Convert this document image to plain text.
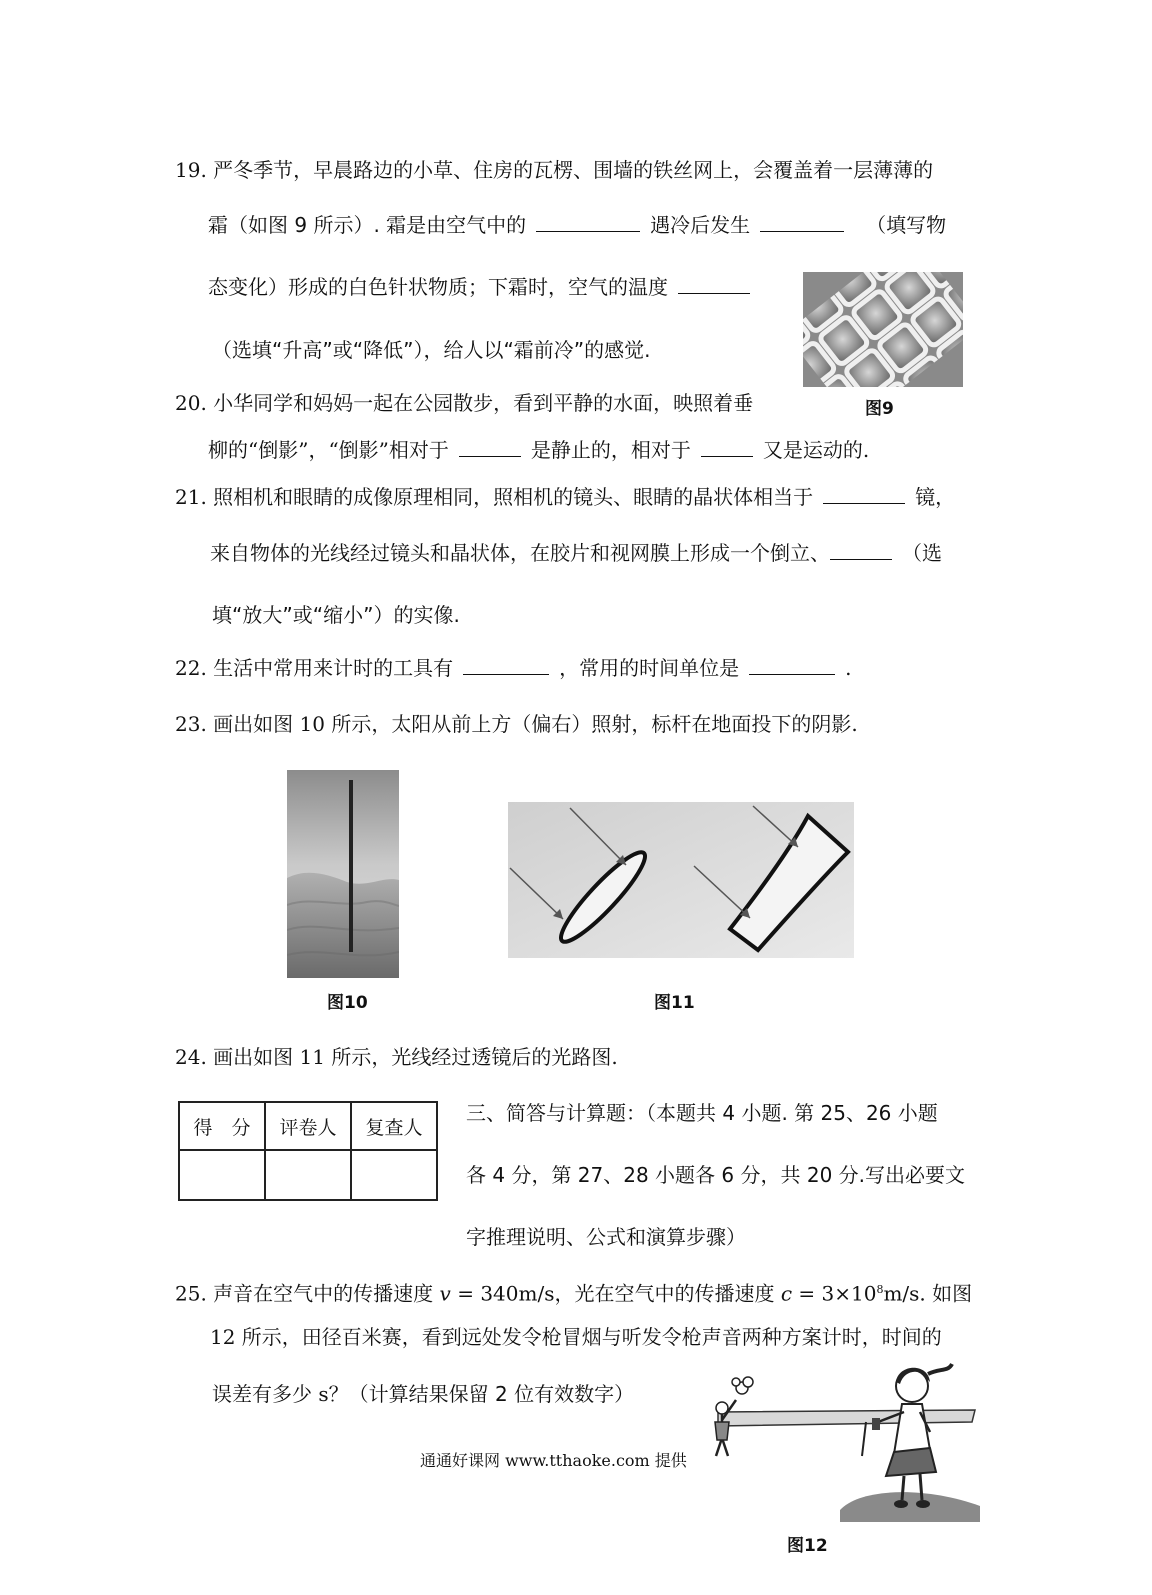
19. 严冬季节，早晨路边的小草、住房的瓦楞、围墙的铁丝网上，会覆盖着一层薄薄的
霜（如图 9 所示）. 霜是由空气中的	遇冷后发生	（填写物
态变化）形成的白色针状物质；下霜时，空气的温度
（选填“升高”或“降低”），给人以“霜前冷”的感觉.
图9
20. 小华同学和妈妈一起在公园散步，看到平静的水面，映照着垂
柳的“倒影”，“倒影”相对于	是静止的，相对于	又是运动的.
21. 照相机和眼睛的成像原理相同，照相机的镜头、眼睛的晶状体相当于	镜，
来自物体的光线经过镜头和晶状体，在胶片和视网膜上形成一个倒立、	（选
填“放大”或“缩小”）的实像.
22. 生活中常用来计时的工具有	，常用的时间单位是	.
23. 画出如图 10 所示，太阳从前上方（偏右）照射，标杆在地面投下的阴影.
图10	图11
24. 画出如图 11 所示，光线经过透镜后的光路图.
得　分	评卷人	复查人

三、简答与计算题：（本题共 4 小题. 第 25、26 小题
各 4 分，第 27、28 小题各 6 分，共 20 分.写出必要文
字推理说明、公式和演算步骤）
25. 声音在空气中的传播速度 v = 340m/s，光在空气中的传播速度 $c = 3\times 10^8m/s$. 如图
12 所示，田径百米赛，看到远处发令枪冒烟与听发令枪声音两种方案计时，时间的
误差有多少 s？（计算结果保留 2 位有效数字）
通通好课网 www.tthaoke.com 提供
图12
